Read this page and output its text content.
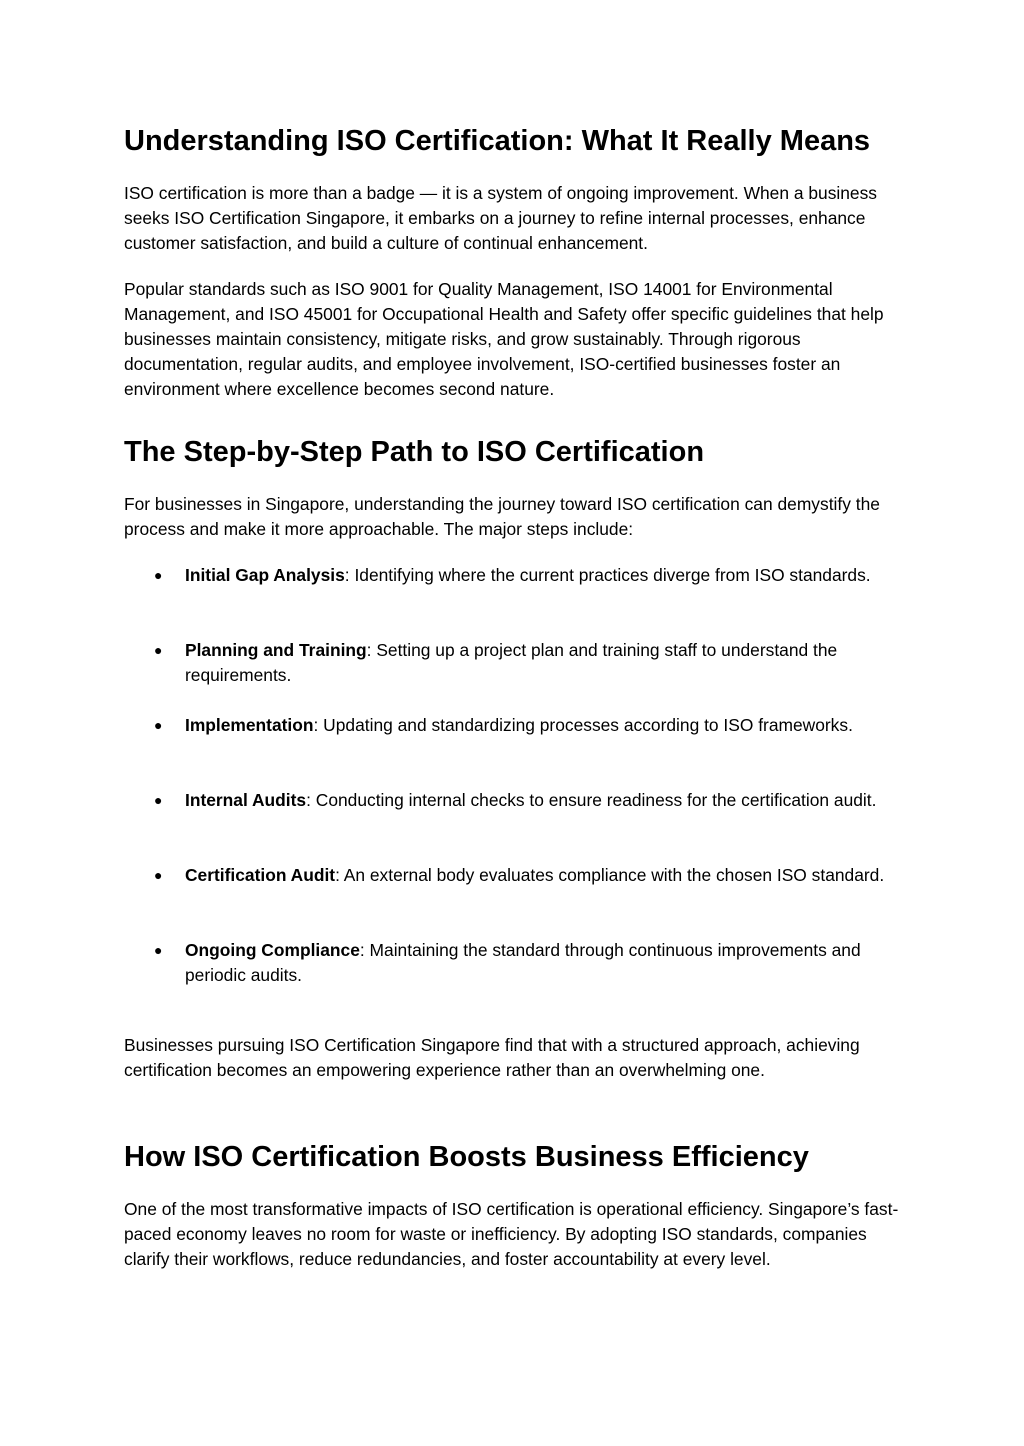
Understanding ISO Certification: What It Really Means

ISO certification is more than a badge — it is a system of ongoing improvement. When a business seeks ISO Certification Singapore, it embarks on a journey to refine internal processes, enhance customer satisfaction, and build a culture of continual enhancement.

Popular standards such as ISO 9001 for Quality Management, ISO 14001 for Environmental Management, and ISO 45001 for Occupational Health and Safety offer specific guidelines that help businesses maintain consistency, mitigate risks, and grow sustainably. Through rigorous documentation, regular audits, and employee involvement, ISO-certified businesses foster an environment where excellence becomes second nature.

The Step-by-Step Path to ISO Certification

For businesses in Singapore, understanding the journey toward ISO certification can demystify the process and make it more approachable. The major steps include:

● Initial Gap Analysis: Identifying where the current practices diverge from ISO standards.
● Planning and Training: Setting up a project plan and training staff to understand the requirements.
● Implementation: Updating and standardizing processes according to ISO frameworks.
● Internal Audits: Conducting internal checks to ensure readiness for the certification audit.
● Certification Audit: An external body evaluates compliance with the chosen ISO standard.
● Ongoing Compliance: Maintaining the standard through continuous improvements and periodic audits.

Businesses pursuing ISO Certification Singapore find that with a structured approach, achieving certification becomes an empowering experience rather than an overwhelming one.

How ISO Certification Boosts Business Efficiency

One of the most transformative impacts of ISO certification is operational efficiency. Singapore’s fast-paced economy leaves no room for waste or inefficiency. By adopting ISO standards, companies clarify their workflows, reduce redundancies, and foster accountability at every level.
